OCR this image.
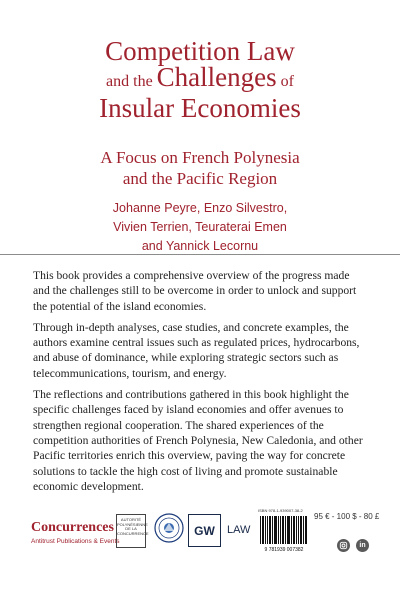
Competition Law
and the Challenges of
Insular Economies
A Focus on French Polynesia
and the Pacific Region
Johanne Peyre, Enzo Silvestro,
Vivien Terrien, Teuraterai Emen
and Yannick Lecornu

This book provides a comprehensive overview of the progress made and the challenges still to be overcome in order to unlock and support the potential of the island economies.

Through in-depth analyses, case studies, and concrete examples, the authors examine central issues such as regulated prices, hydrocarbons, and abuse of dominance, while exploring strategic sectors such as telecommunications, tourism, and energy.

The reflections and contributions gathered in this book highlight the specific challenges faced by island economies and offer avenues to strengthen regional cooperation. The shared experiences of the competition authorities of French Polynesia, New Caledonia, and other Pacific territories enrich this overview, paving the way for concrete solutions to tackle the high cost of living and promote sustainable economic development.

Concurrences
Antitrust Publications & Events
AUTORITÉ POLYNÉSIENNE DE LA CONCURRENCE	GW LAW
ISBN 978-1-939007-38-2
9 781939 007382
95 € - 100 $ - 80 £
in
